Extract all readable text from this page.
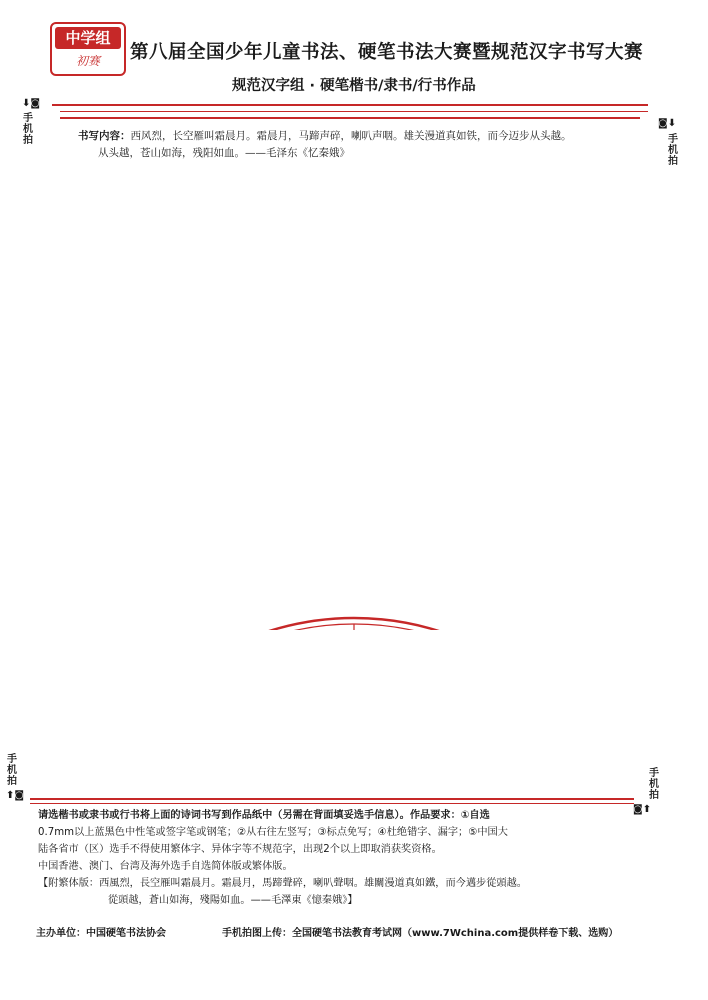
中学组
初赛	第八届全国少年儿童书法、硬笔书法大赛暨规范汉字书写大赛
规范汉字组 · 硬笔楷书/隶书/行书作品
⬇◙
手机拍
◙⬇
手机拍
书写内容：西风烈，长空雁叫霜晨月。霜晨月，马蹄声碎，喇叭声咽。雄关漫道真如铁，而今迈步从头越。
从头越，苍山如海，残阳如血。——毛泽东《忆秦娥》
手机拍
⬆◙
手机拍
◙⬆

请选楷书或隶书或行书将上面的诗词书写到作品纸中（另需在背面填妥选手信息）。作品要求：①自选

0.7mm以上蓝黑色中性笔或签字笔或钢笔；②从右往左竖写；③标点免写；④杜绝错字、漏字；⑤中国大

陆各省市（区）选手不得使用繁体字、异体字等不规范字，出现2个以上即取消获奖资格。

中国香港、澳门、台湾及海外选手自选简体版或繁体版。

【附繁体版：西風烈，長空雁叫霜晨月。霜晨月，馬蹄聲碎，喇叭聲咽。雄關漫道真如鐵，而今邁步從頭越。

從頭越，蒼山如海，殘陽如血。——毛澤東《憶秦娥》】

主办单位：中国硬笔书法协会	手机拍图上传：全国硬笔书法教育考试网（www.7Wchina.com提供样卷下载、选购）
